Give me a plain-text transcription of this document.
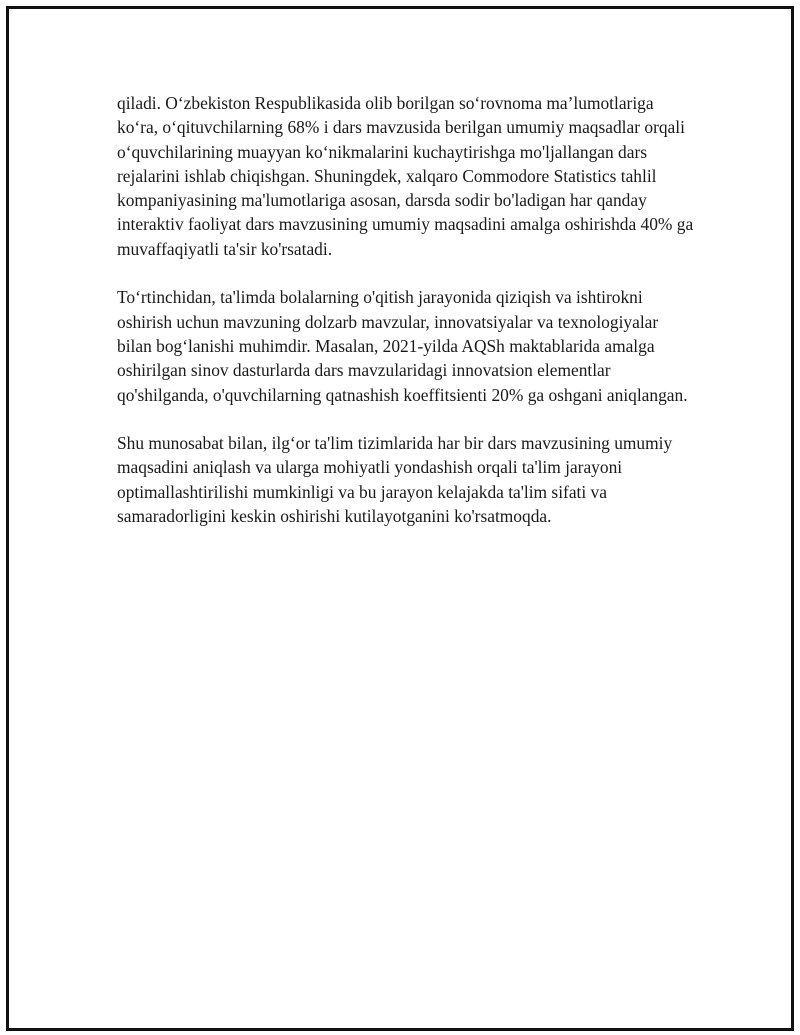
qiladi. O‘zbekiston Respublikasida olib borilgan so‘rovnoma ma’lumotlariga ko‘ra, o‘qituvchilarning 68% i dars mavzusida berilgan umumiy maqsadlar orqali o‘quvchilarining muayyan ko‘nikmalarini kuchaytirishga mo'ljallangan dars rejalarini ishlab chiqishgan. Shuningdek, xalqaro Commodore Statistics tahlil kompaniyasining ma'lumotlariga asosan, darsda sodir bo'ladigan har qanday interaktiv faoliyat dars mavzusining umumiy maqsadini amalga oshirishda 40% ga muvaffaqiyatli ta'sir ko'rsatadi.

To‘rtinchidan, ta'limda bolalarning o'qitish jarayonida qiziqish va ishtirokni oshirish uchun mavzuning dolzarb mavzular, innovatsiyalar va texnologiyalar bilan bog‘lanishi muhimdir. Masalan, 2021-yilda AQSh maktablarida amalga oshirilgan sinov dasturlarda dars mavzularidagi innovatsion elementlar qo'shilganda, o'quvchilarning qatnashish koeffitsienti 20% ga oshgani aniqlangan.

Shu munosabat bilan, ilg‘or ta'lim tizimlarida har bir dars mavzusining umumiy maqsadini aniqlash va ularga mohiyatli yondashish orqali ta'lim jarayoni optimallashtirilishi mumkinligi va bu jarayon kelajakda ta'lim sifati va samaradorligini keskin oshirishi kutilayotganini ko'rsatmoqda.
